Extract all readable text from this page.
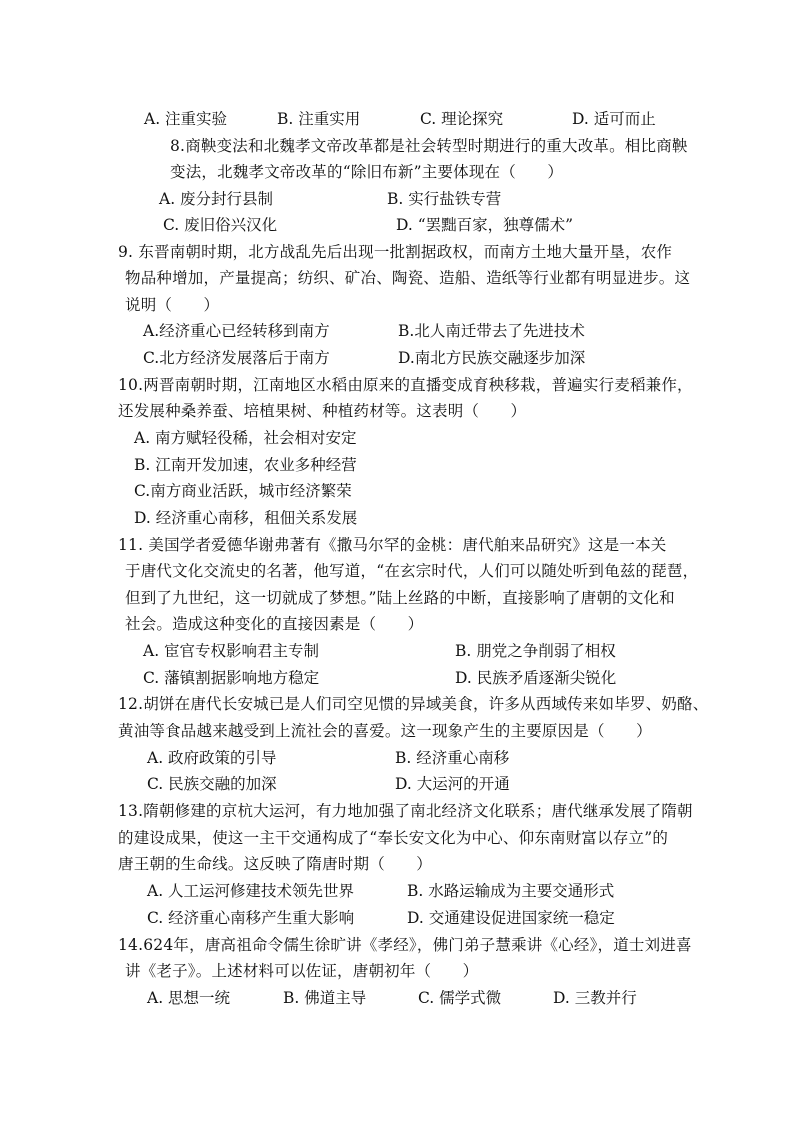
A. 注重实验	B. 注重实用	C. 理论探究	D. 适可而止
8.商鞅变法和北魏孝文帝改革都是社会转型时期进行的重大改革。相比商鞅
变法，北魏孝文帝改革的“除旧布新”主要体现在（　　）
A. 废分封行县制	B. 实行盐铁专营
C. 废旧俗兴汉化	D. “罢黜百家，独尊儒术”
9. 东晋南朝时期，北方战乱先后出现一批割据政权，而南方土地大量开垦，农作
物品种增加，产量提高；纺织、矿冶、陶瓷、造船、造纸等行业都有明显进步。这
说明（　　）
A.经济重心已经转移到南方	B.北人南迁带去了先进技术
C.北方经济发展落后于南方	D.南北方民族交融逐步加深
10.两晋南朝时期，江南地区水稻由原来的直播变成育秧移栽，普遍实行麦稻兼作，
还发展种桑养蚕、培植果树、种植药材等。这表明（　　）
A. 南方赋轻役稀，社会相对安定
B. 江南开发加速，农业多种经营
C.南方商业活跃，城市经济繁荣
D. 经济重心南移，租佃关系发展
11. 美国学者爱德华谢弗著有《撒马尔罕的金桃：唐代舶来品研究》这是一本关
于唐代文化交流史的名著，他写道，“在玄宗时代，人们可以随处听到龟兹的琵琶，
但到了九世纪，这一切就成了梦想。”陆上丝路的中断，直接影响了唐朝的文化和
社会。造成这种变化的直接因素是（　　）
A. 宦官专权影响君主专制	B. 朋党之争削弱了相权
C. 藩镇割据影响地方稳定	D. 民族矛盾逐渐尖锐化
12.胡饼在唐代长安城已是人们司空见惯的异域美食，许多从西域传来如毕罗、奶酪、
黄油等食品越来越受到上流社会的喜爱。这一现象产生的主要原因是（　　）
A. 政府政策的引导	B. 经济重心南移
C. 民族交融的加深	D. 大运河的开通
13.隋朝修建的京杭大运河，有力地加强了南北经济文化联系；唐代继承发展了隋朝
的建设成果，使这一主干交通构成了“奉长安文化为中心、仰东南财富以存立”的
唐王朝的生命线。这反映了隋唐时期（　　）
A. 人工运河修建技术领先世界	B. 水路运输成为主要交通形式
C. 经济重心南移产生重大影响	D. 交通建设促进国家统一稳定
14.624年，唐高祖命令儒生徐旷讲《孝经》，佛门弟子慧乘讲《心经》，道士刘进喜
讲《老子》。上述材料可以佐证，唐朝初年（　　）
A. 思想一统	B. 佛道主导	C. 儒学式微	D. 三教并行
